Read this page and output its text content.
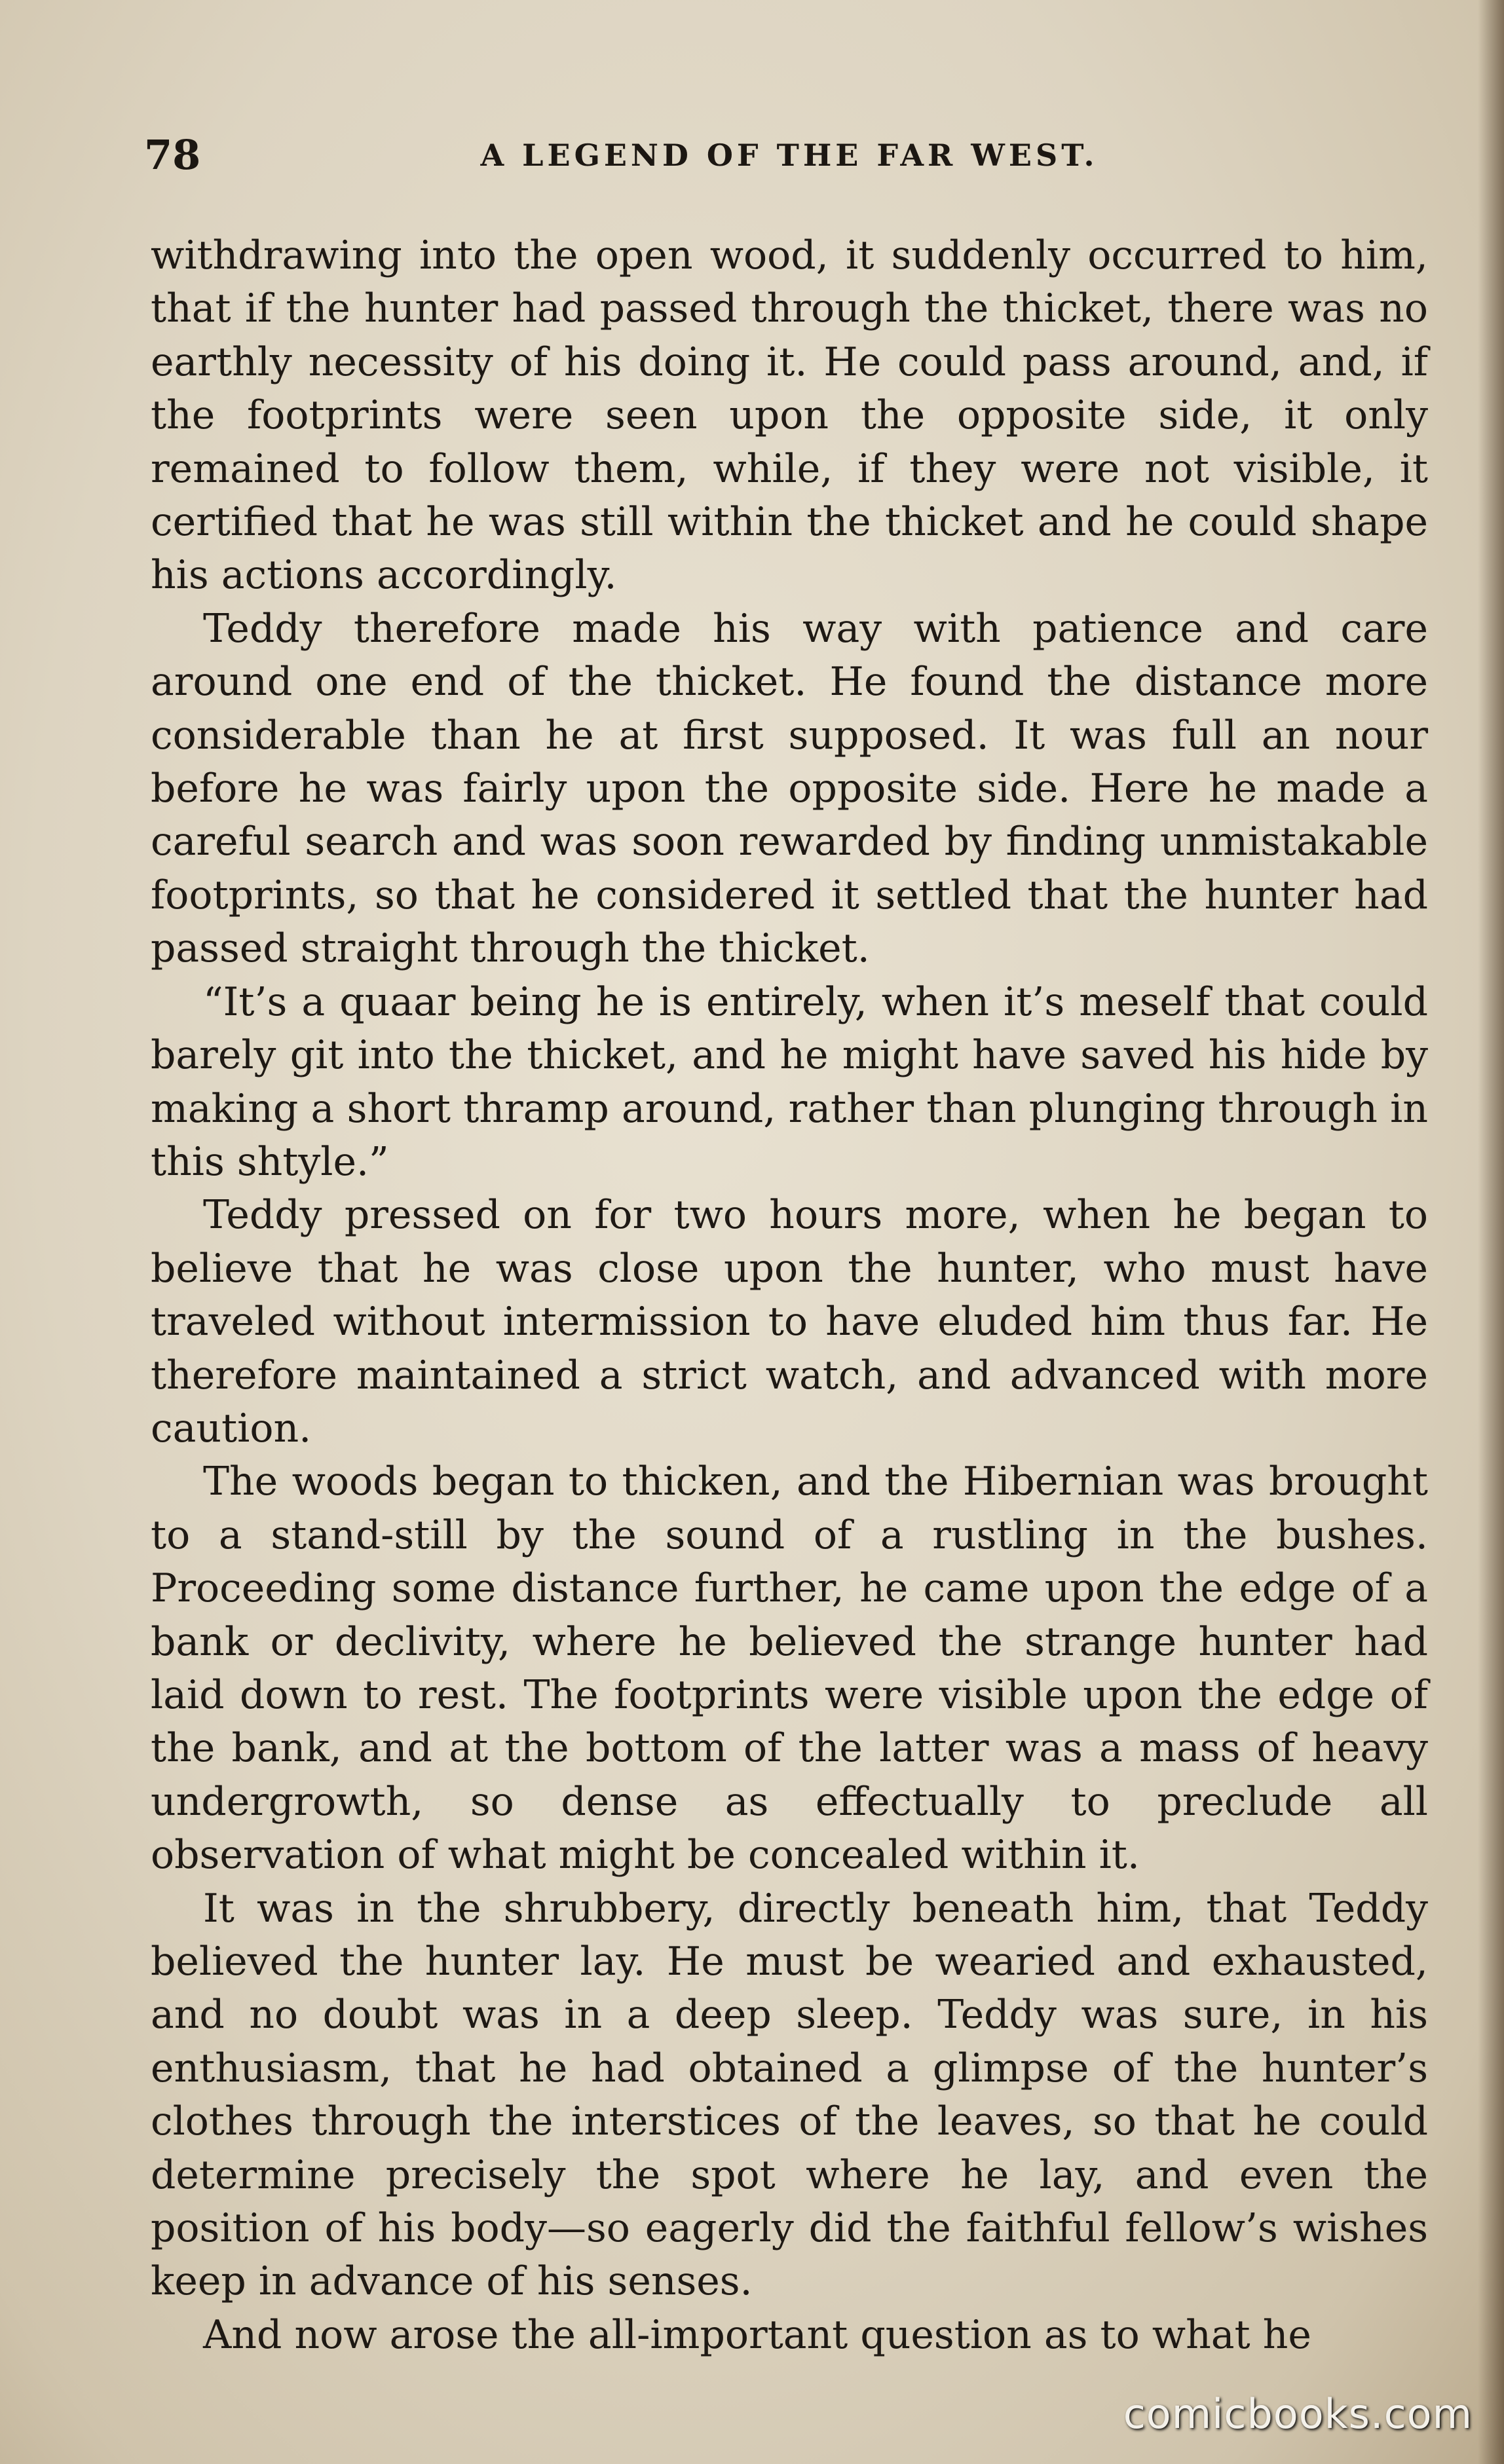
78	A LEGEND OF THE FAR WEST.

withdrawing into the open wood, it suddenly occurred to him, that if the hunter had passed through the thicket, there was no earthly necessity of his doing it. He could pass around, and, if the footprints were seen upon the opposite side, it only remained to follow them, while, if they were not visible, it certified that he was still within the thicket and he could shape his actions accordingly.

Teddy therefore made his way with patience and care around one end of the thicket. He found the distance more considerable than he at first supposed. It was full an nour before he was fairly upon the opposite side. Here he made a careful search and was soon rewarded by finding unmistakable footprints, so that he considered it settled that the hunter had passed straight through the thicket.

“It’s a quaar being he is entirely, when it’s meself that could barely git into the thicket, and he might have saved his hide by making a short thramp around, rather than plunging through in this shtyle.”

Teddy pressed on for two hours more, when he began to believe that he was close upon the hunter, who must have traveled without intermission to have eluded him thus far. He therefore maintained a strict watch, and advanced with more caution.

The woods began to thicken, and the Hibernian was brought to a stand-still by the sound of a rustling in the bushes. Proceeding some distance further, he came upon the edge of a bank or declivity, where he believed the strange hunter had laid down to rest. The footprints were visible upon the edge of the bank, and at the bottom of the latter was a mass of heavy undergrowth, so dense as effectually to preclude all observation of what might be concealed within it.

It was in the shrubbery, directly beneath him, that Teddy believed the hunter lay. He must be wearied and exhausted, and no doubt was in a deep sleep. Teddy was sure, in his enthusiasm, that he had obtained a glimpse of the hunter’s clothes through the interstices of the leaves, so that he could determine precisely the spot where he lay, and even the position of his body—so eagerly did the faithful fellow’s wishes keep in advance of his senses.

And now arose the all-important question as to what he

comicbooks.com
